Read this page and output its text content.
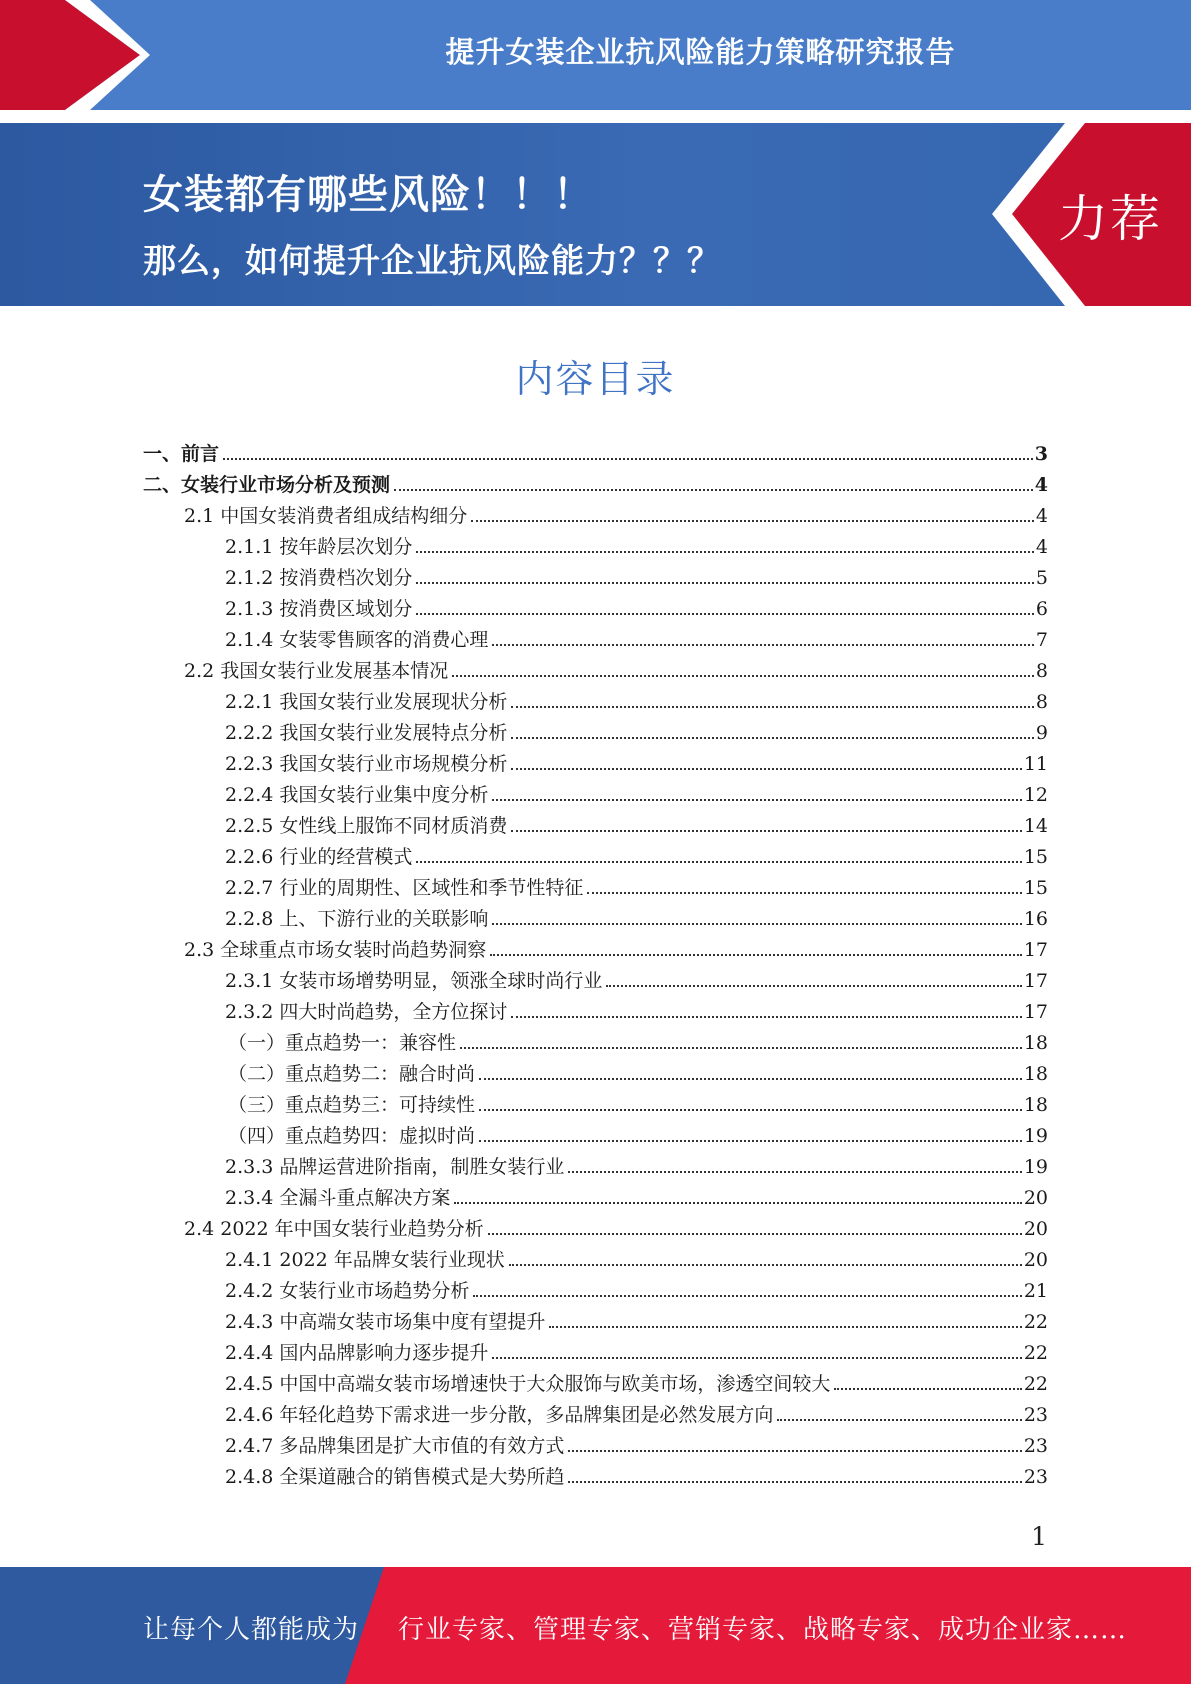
提升女装企业抗风险能力策略研究报告
女装都有哪些风险！！！
那么，如何提升企业抗风险能力？？？
力荐
内容目录
一、前言	3
二、女装行业市场分析及预测	4
2.1 中国女装消费者组成结构细分	4
2.1.1 按年龄层次划分	4
2.1.2 按消费档次划分	5
2.1.3 按消费区域划分	6
2.1.4 女装零售顾客的消费心理	7
2.2 我国女装行业发展基本情况	8
2.2.1 我国女装行业发展现状分析	8
2.2.2 我国女装行业发展特点分析	9
2.2.3 我国女装行业市场规模分析	11
2.2.4 我国女装行业集中度分析	12
2.2.5 女性线上服饰不同材质消费	14
2.2.6 行业的经营模式	15
2.2.7 行业的周期性、区域性和季节性特征	15
2.2.8 上、下游行业的关联影响	16
2.3 全球重点市场女装时尚趋势洞察	17
2.3.1 女装市场增势明显，领涨全球时尚行业	17
2.3.2 四大时尚趋势，全方位探讨	17
（一）重点趋势一：兼容性	18
（二）重点趋势二：融合时尚	18
（三）重点趋势三：可持续性	18
（四）重点趋势四：虚拟时尚	19
2.3.3 品牌运营进阶指南，制胜女装行业	19
2.3.4 全漏斗重点解决方案	20
2.4 2022 年中国女装行业趋势分析	20
2.4.1 2022 年品牌女装行业现状	20
2.4.2 女装行业市场趋势分析	21
2.4.3 中高端女装市场集中度有望提升	22
2.4.4 国内品牌影响力逐步提升	22
2.4.5 中国中高端女装市场增速快于大众服饰与欧美市场，渗透空间较大	22
2.4.6 年轻化趋势下需求进一步分散，多品牌集团是必然发展方向	23
2.4.7 多品牌集团是扩大市值的有效方式	23
2.4.8 全渠道融合的销售模式是大势所趋	23
1
让每个人都能成为 行业专家、管理专家、营销专家、战略专家、成功企业家……
